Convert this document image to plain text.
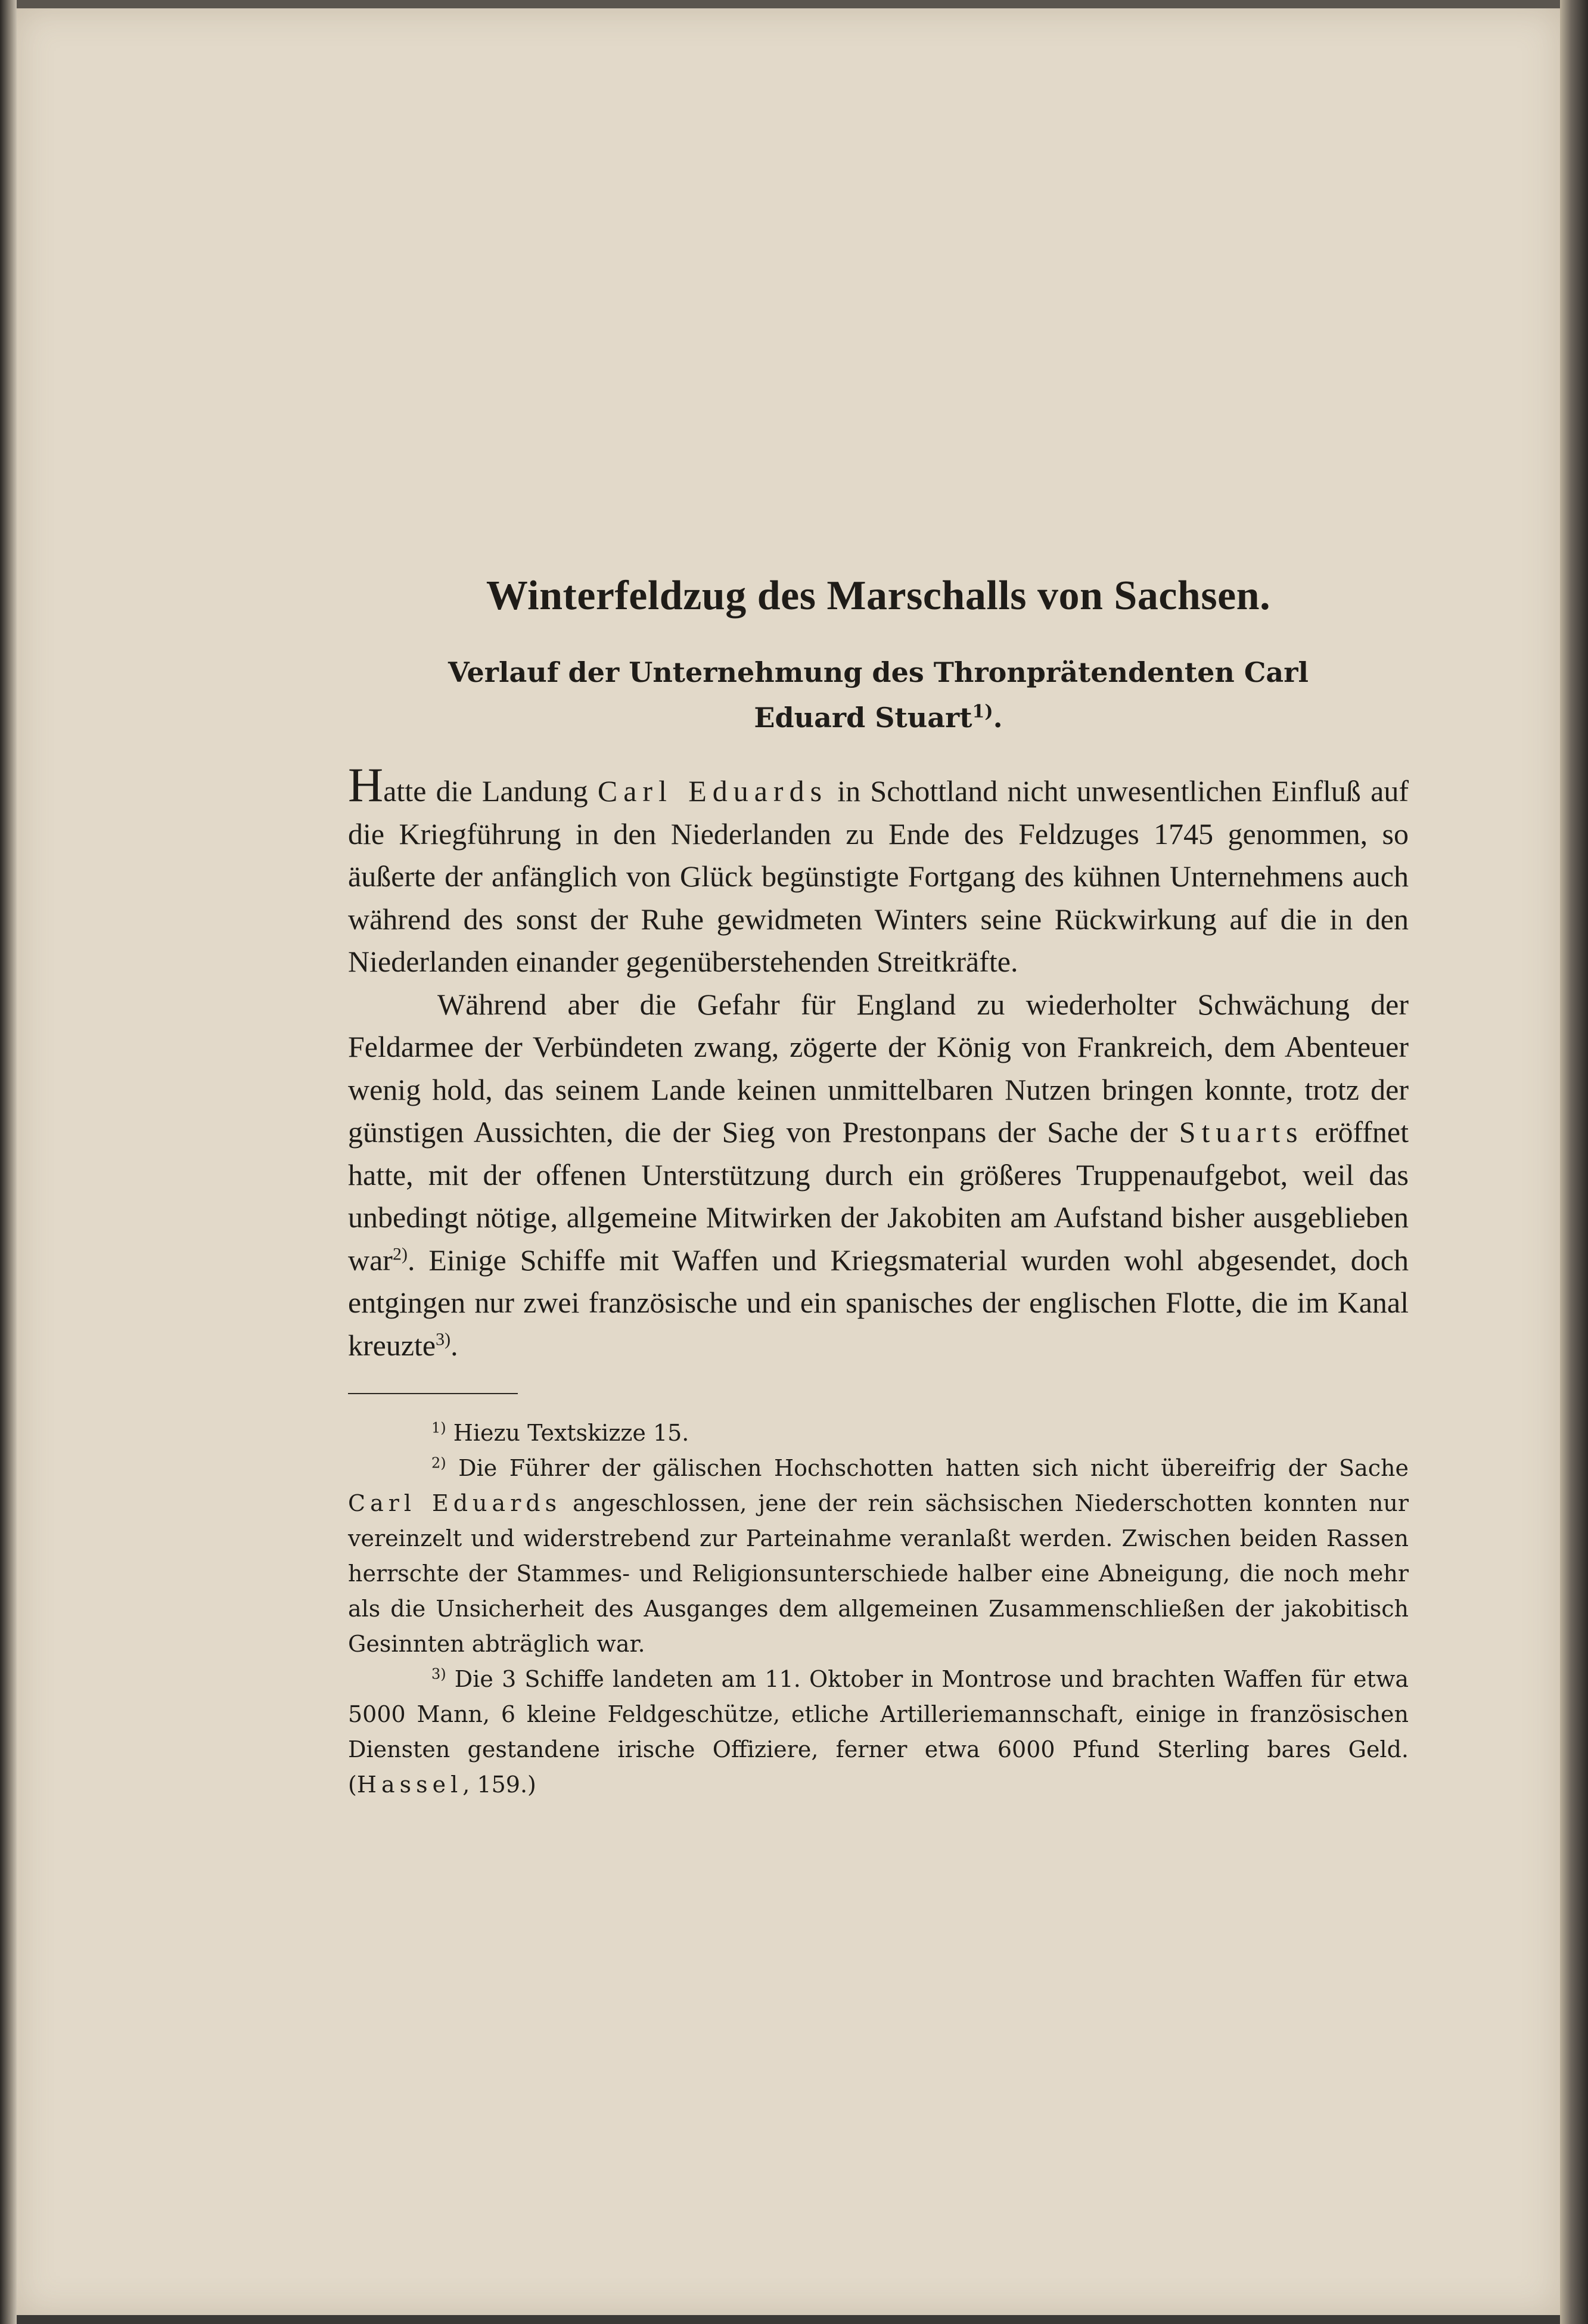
Winterfeldzug des Marschalls von Sachsen.
Verlauf der Unternehmung des Thronprätendenten Carl
Eduard Stuart$^{1)}$.

Hatte die Landung Carl Eduards in Schottland nicht unwesentlichen Einfluß auf die Kriegführung in den Niederlanden zu Ende des Feldzuges 1745 genommen, so äußerte der anfänglich von Glück begünstigte Fortgang des kühnen Unternehmens auch während des sonst der Ruhe gewidmeten Winters seine Rückwirkung auf die in den Niederlanden einander gegenüberstehenden Streitkräfte.

Während aber die Gefahr für England zu wiederholter Schwächung der Feldarmee der Verbündeten zwang, zögerte der König von Frankreich, dem Abenteuer wenig hold, das seinem Lande keinen unmittelbaren Nutzen bringen konnte, trotz der günstigen Aussichten, die der Sieg von Prestonpans der Sache der Stuarts eröffnet hatte, mit der offenen Unterstützung durch ein größeres Truppenaufgebot, weil das unbedingt nötige, allgemeine Mitwirken der Jakobiten am Aufstand bisher ausgeblieben war$^{2)}$. Einige Schiffe mit Waffen und Kriegsmaterial wurden wohl abgesendet, doch entgingen nur zwei französische und ein spanisches der englischen Flotte, die im Kanal kreuzte$^{3)}$.

$^{1)}$ Hiezu Textskizze 15.

$^{2)}$ Die Führer der gälischen Hochschotten hatten sich nicht übereifrig der Sache Carl Eduards angeschlossen, jene der rein sächsischen Niederschotten konnten nur vereinzelt und widerstrebend zur Parteinahme veranlaßt werden. Zwischen beiden Rassen herrschte der Stammes- und Religionsunterschiede halber eine Abneigung, die noch mehr als die Unsicherheit des Ausganges dem allgemeinen Zusammenschließen der jakobitisch Gesinnten abträglich war.

$^{3)}$ Die 3 Schiffe landeten am 11. Oktober in Montrose und brachten Waffen für etwa 5000 Mann, 6 kleine Feldgeschütze, etliche Artilleriemannschaft, einige in französischen Diensten gestandene irische Offiziere, ferner etwa 6000 Pfund Sterling bares Geld. (Hassel, 159.)
